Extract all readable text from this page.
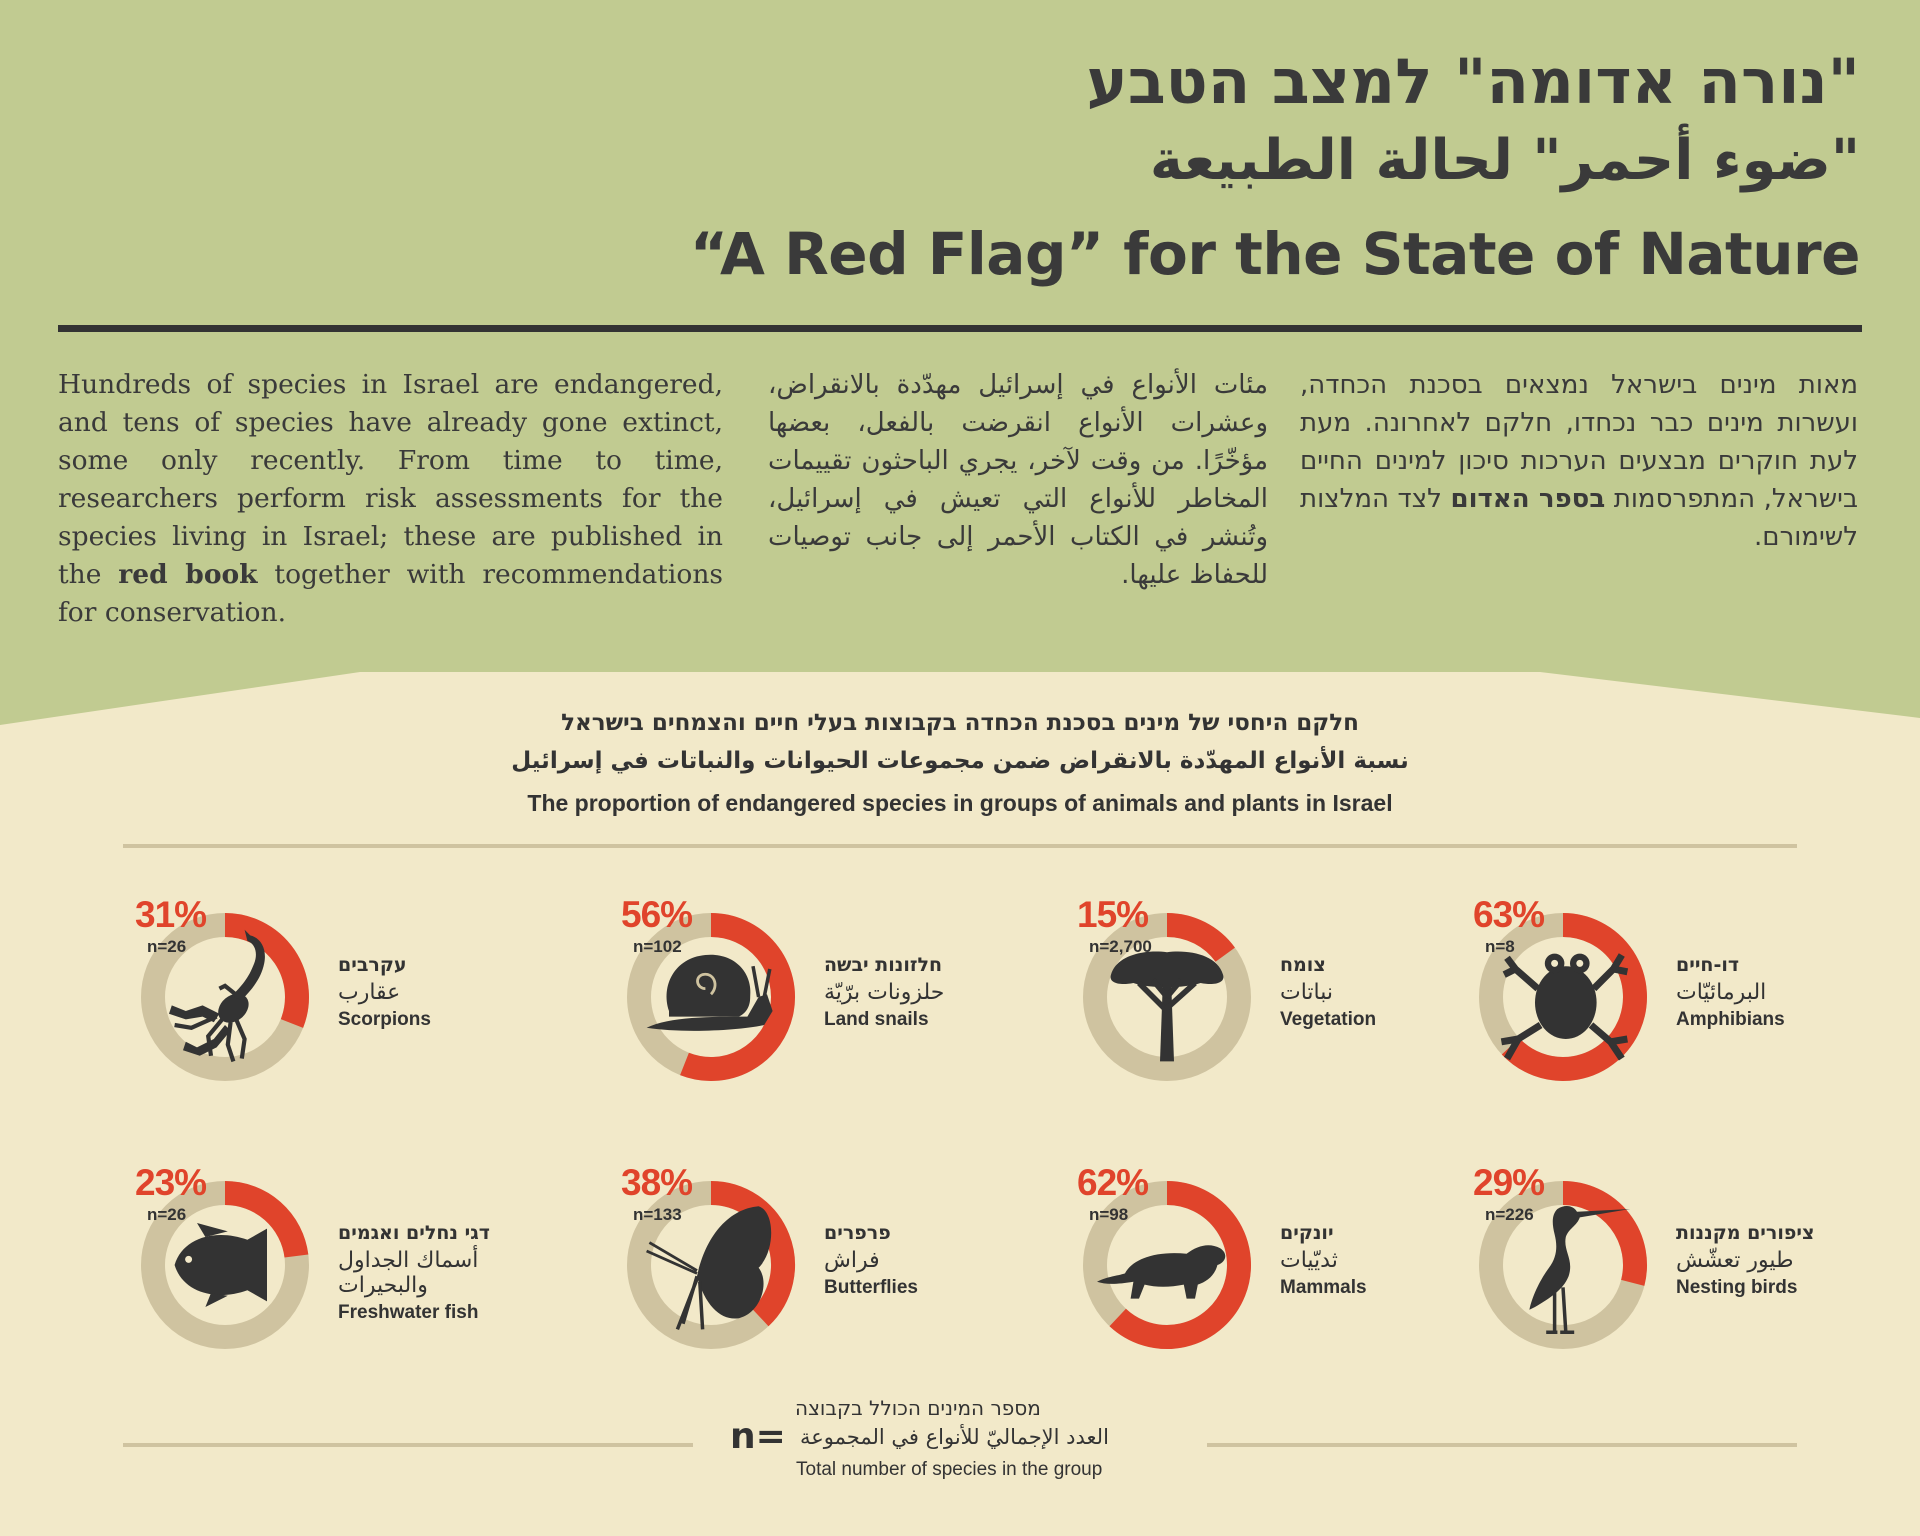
"נורה אדומה" למצב הטבע
"ضوء أحمر" لحالة الطبيعة
“A Red Flag” for the State of Nature
Hundreds of species in Israel are endangered, and tens of species have already gone extinct, some only recently. From time to time, researchers perform risk assessments for the species living in Israel; these are published in the red book together with recommendations for conservation.
مئات الأنواع في إسرائيل مهدّدة بالانقراض، وعشرات الأنواع انقرضت بالفعل، بعضها مؤخّرًا. من وقت لآخر، يجري الباحثون تقييمات المخاطر للأنواع التي تعيش في إسرائيل، وتُنشر في الكتاب الأحمر إلى جانب توصيات للحفاظ عليها.
מאות מינים בישראל נמצאים בסכנת הכחדה, ועשרות מינים כבר נכחדו, חלקם לאחרונה. מעת לעת חוקרים מבצעים הערכות סיכון למינים החיים בישראל, המתפרסמות בספר האדום לצד המלצות לשימורם.
חלקם היחסי של מינים בסכנת הכחדה בקבוצות בעלי חיים והצמחים בישראל
نسبة الأنواع المهدّدة بالانقراض ضمن مجموعات الحيوانات والنباتات في إسرائيل
The proportion of endangered species in groups of animals and plants in Israel
n=
מספר המינים הכולל בקבוצה
العدد الإجماليّ للأنواع في المجموعة
Total number of species in the group
31%
n=26
עקרבים
عقارب
Scorpions
56%
n=102
חלזונות יבשה
حلزونات برّيّة
Land snails
15%
n=2,700
צומח
نباتات
Vegetation
63%
n=8
דו-חיים
البرمائيّات
Amphibians
23%
n=26
דגי נחלים ואגמים
أسماك الجداول والبحيرات
Freshwater fish
38%
n=133
פרפרים
فراش
Butterflies
62%
n=98
יונקים
ثديّيات
Mammals
29%
n=226
ציפורים מקננות
طيور تعشّش
Nesting birds
